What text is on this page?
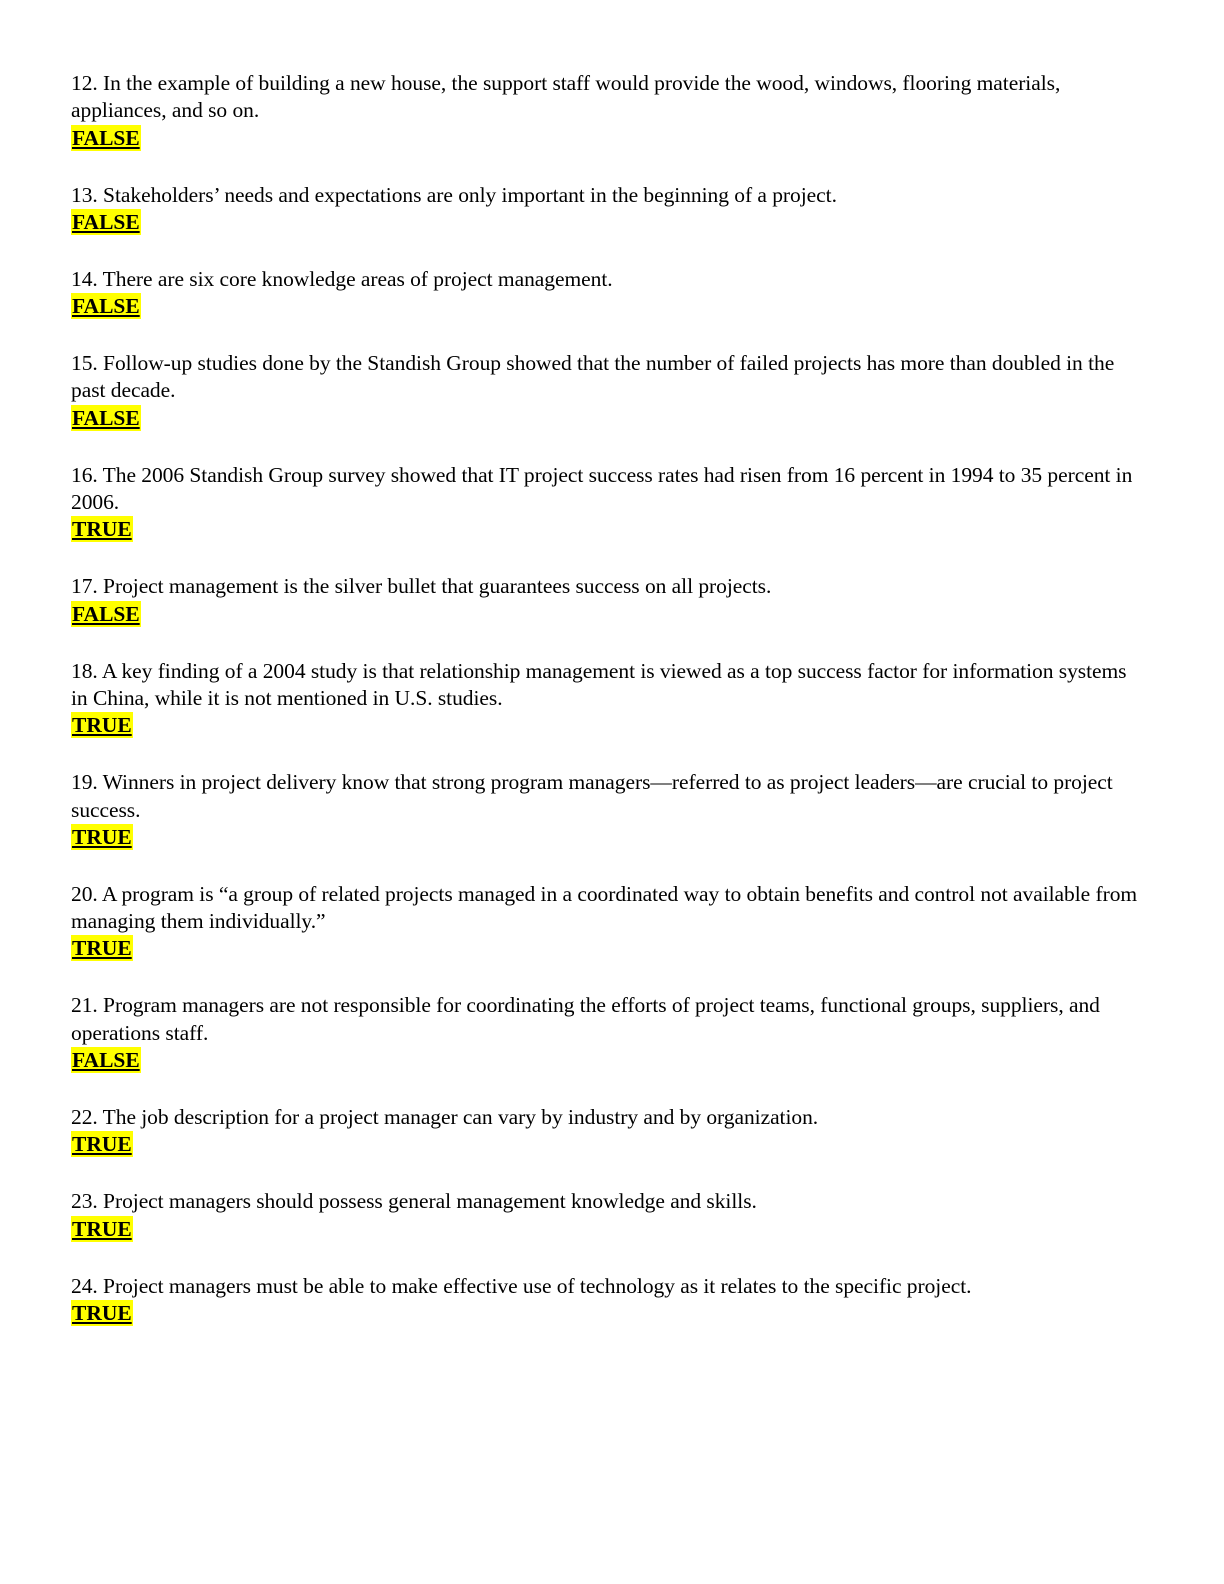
12. In the example of building a new house, the support staff would provide the wood, windows, flooring materials, appliances, and so on.

FALSE

13. Stakeholders’ needs and expectations are only important in the beginning of a project.

FALSE

14. There are six core knowledge areas of project management.

FALSE

15. Follow-up studies done by the Standish Group showed that the number of failed projects has more than doubled in the past decade.

FALSE

16. The 2006 Standish Group survey showed that IT project success rates had risen from 16 percent in 1994 to 35 percent in 2006.

TRUE

17. Project management is the silver bullet that guarantees success on all projects.

FALSE

18. A key finding of a 2004 study is that relationship management is viewed as a top success factor for information systems in China, while it is not mentioned in U.S. studies.

TRUE

19. Winners in project delivery know that strong program managers—referred to as project leaders—are crucial to project success.

TRUE

20. A program is “a group of related projects managed in a coordinated way to obtain benefits and control not available from managing them individually.”

TRUE

21. Program managers are not responsible for coordinating the efforts of project teams, functional groups, suppliers, and operations staff.

FALSE

22. The job description for a project manager can vary by industry and by organization.

TRUE

23. Project managers should possess general management knowledge and skills.

TRUE

24. Project managers must be able to make effective use of technology as it relates to the specific project.

TRUE
